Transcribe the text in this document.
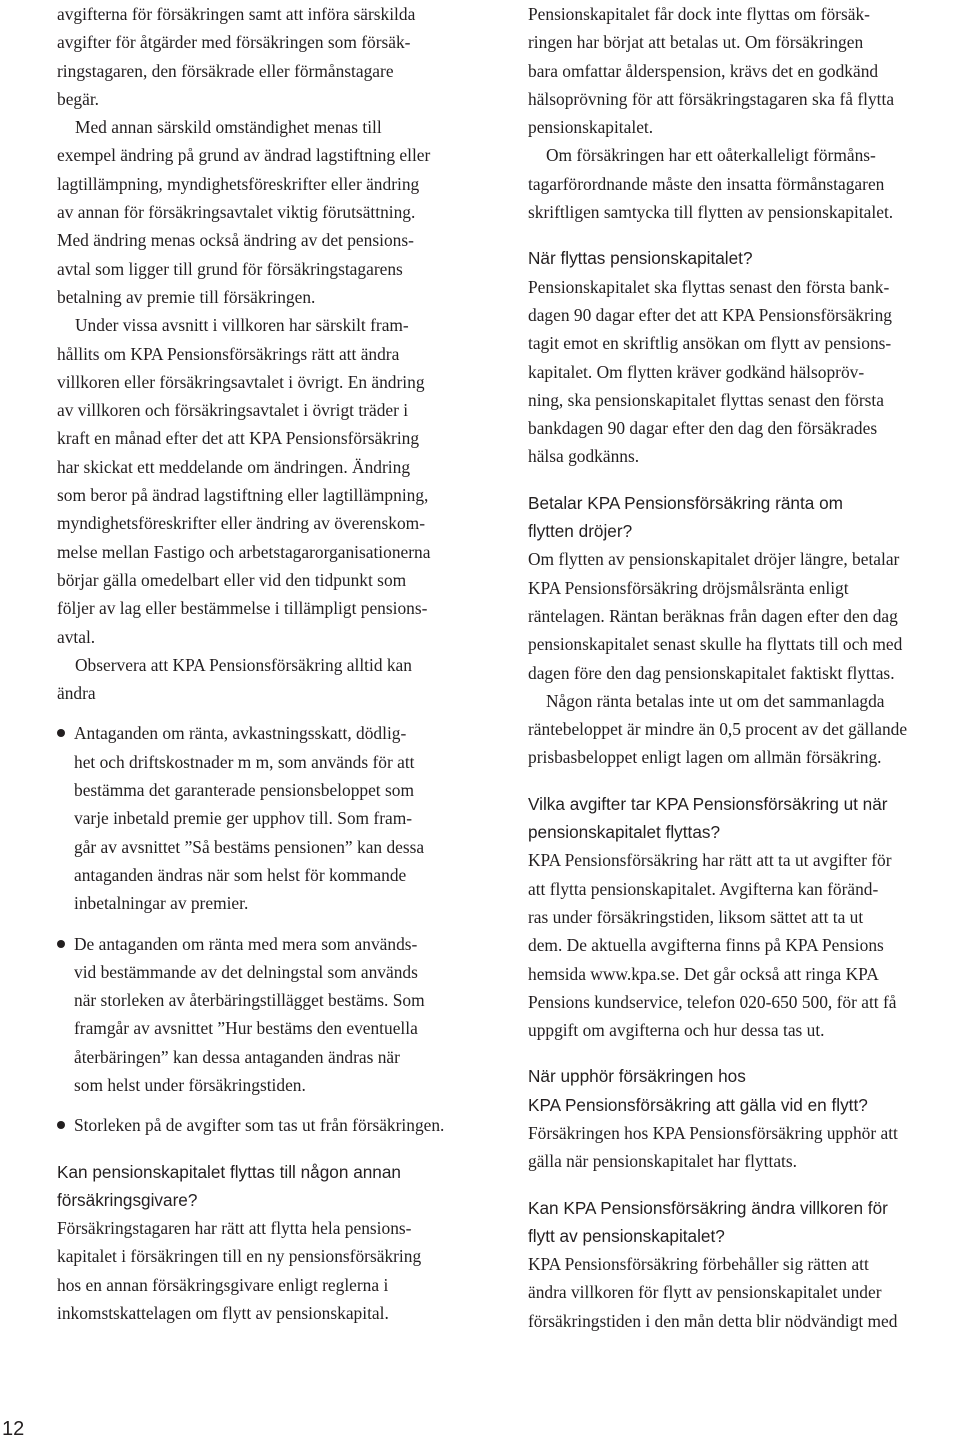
avgifterna för försäkringen samt att införa särskilda
avgifter för åtgärder med försäkringen som försäk-
ringstagaren, den försäkrade eller förmånstagare
begär.
Med annan särskild omständighet menas till
exempel ändring på grund av ändrad lagstiftning eller
lagtillämpning, myndighetsföreskrifter eller ändring
av annan för försäkringsavtalet viktig förutsättning.
Med ändring menas också ändring av det pensions-
avtal som ligger till grund för försäkringstagarens
betalning av premie till försäkringen.
Under vissa avsnitt i villkoren har särskilt fram-
hållits om KPA Pensionsförsäkrings rätt att ändra
villkoren eller försäkringsavtalet i övrigt. En ändring
av villkoren och försäkringsavtalet i övrigt träder i
kraft en månad efter det att KPA Pensionsförsäkring
har skickat ett meddelande om ändringen. Ändring
som beror på ändrad lagstiftning eller lagtillämpning,
myndighetsföreskrifter eller ändring av överenskom-
melse mellan Fastigo och arbetstagarorganisationerna
börjar gälla omedelbart eller vid den tidpunkt som
följer av lag eller bestämmelse i tillämpligt pensions-
avtal.
Observera att KPA Pensionsförsäkring alltid kan
ändra
Antaganden om ränta, avkastningsskatt, dödlig-
het och driftskostnader m m, som används för att
bestämma det garanterade pensionsbeloppet som
varje inbetald premie ger upphov till. Som fram-
går av avsnittet ”Så bestäms pensionen” kan dessa
antaganden ändras när som helst för kommande
inbetalningar av premier.
De antaganden om ränta med mera som används-
vid bestämmande av det delningstal som används
när storleken av återbäringstillägget bestäms. Som
framgår av avsnittet ”Hur bestäms den eventuella
återbäringen” kan dessa antaganden ändras när
som helst under försäkringstiden.
Storleken på de avgifter som tas ut från försäkringen.
Kan pensionskapitalet flyttas till någon annan
försäkringsgivare?
Försäkringstagaren har rätt att flytta hela pensions-
kapitalet i försäkringen till en ny pensionsförsäkring
hos en annan försäkringsgivare enligt reglerna i
inkomstskattelagen om flytt av pensionskapital.
Pensionskapitalet får dock inte flyttas om försäk-
ringen har börjat att betalas ut. Om försäkringen
bara omfattar ålderspension, krävs det en godkänd
hälsoprövning för att försäkringstagaren ska få flytta
pensionskapitalet.
Om försäkringen har ett oåterkalleligt förmåns-
tagarförordnande måste den insatta förmånstagaren
skriftligen samtycka till flytten av pensionskapitalet.
När flyttas pensionskapitalet?
Pensionskapitalet ska flyttas senast den första bank-
dagen 90 dagar efter det att KPA Pensionsförsäkring
tagit emot en skriftlig ansökan om flytt av pensions-
kapitalet. Om flytten kräver godkänd hälsopröv-
ning, ska pensionskapitalet flyttas senast den första
bankdagen 90 dagar efter den dag den försäkrades
hälsa godkänns.
Betalar KPA Pensionsförsäkring ränta om
flytten dröjer?
Om flytten av pensionskapitalet dröjer längre, betalar
KPA Pensionsförsäkring dröjsmålsränta enligt
räntelagen. Räntan beräknas från dagen efter den dag
pensionskapitalet senast skulle ha flyttats till och med
dagen före den dag pensionskapitalet faktiskt flyttas.
Någon ränta betalas inte ut om det sammanlagda
räntebeloppet är mindre än 0,5 procent av det gällande
prisbasbeloppet enligt lagen om allmän försäkring.
Vilka avgifter tar KPA Pensionsförsäkring ut när
pensionskapitalet flyttas?
KPA Pensionsförsäkring har rätt att ta ut avgifter för
att flytta pensionskapitalet. Avgifterna kan föränd-
ras under försäkringstiden, liksom sättet att ta ut
dem. De aktuella avgifterna finns på KPA Pensions
hemsida www.kpa.se. Det går också att ringa KPA
Pensions kundservice, telefon 020-650 500, för att få
uppgift om avgifterna och hur dessa tas ut.
När upphör försäkringen hos
KPA Pensionsförsäkring att gälla vid en flytt?
Försäkringen hos KPA Pensionsförsäkring upphör att
gälla när pensionskapitalet har flyttats.
Kan KPA Pensionsförsäkring ändra villkoren för
flytt av pensionskapitalet?
KPA Pensionsförsäkring förbehåller sig rätten att
ändra villkoren för flytt av pensionskapitalet under
försäkringstiden i den mån detta blir nödvändigt med
12
